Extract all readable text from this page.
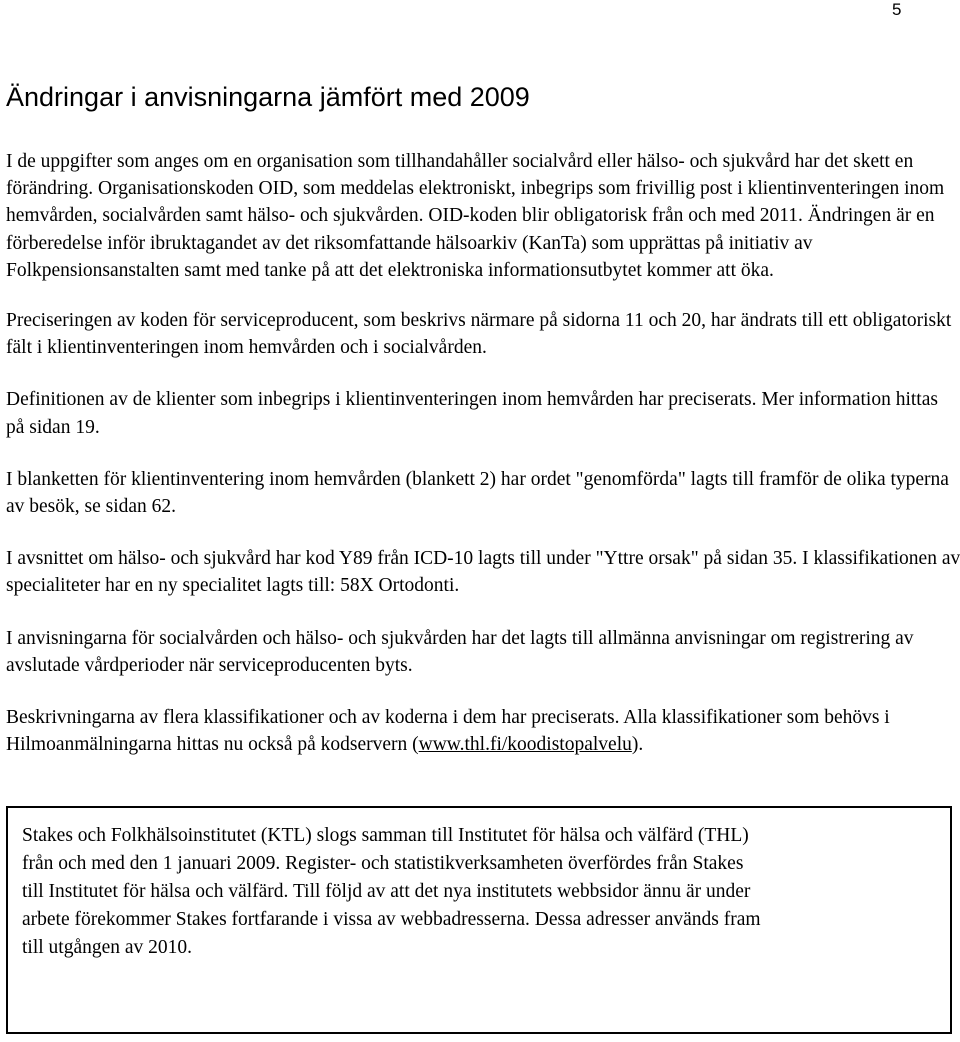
5
Ändringar i anvisningarna jämfört med 2009

I de uppgifter som anges om en organisation som tillhandahåller socialvård eller hälso- och sjukvård har det skett en förändring. Organisationskoden OID, som meddelas elektroniskt, inbegrips som frivillig post i klientinventeringen inom hemvården, socialvården samt hälso- och sjukvården. OID-koden blir obligatorisk från och med 2011. Ändringen är en förberedelse inför ibruktagandet av det riksomfattande hälsoarkiv (KanTa) som upprättas på initiativ av Folkpensionsanstalten samt med tanke på att det elektroniska informationsutbytet kommer att öka.

Preciseringen av koden för serviceproducent, som beskrivs närmare på sidorna 11 och 20, har ändrats till ett obligatoriskt fält i klientinventeringen inom hemvården och i socialvården.

Definitionen av de klienter som inbegrips i klientinventeringen inom hemvården har preciserats. Mer information hittas på sidan 19.

I blanketten för klientinventering inom hemvården (blankett 2) har ordet "genomförda" lagts till framför de olika typerna av besök, se sidan 62.

I avsnittet om hälso- och sjukvård har kod Y89 från ICD-10 lagts till under "Yttre orsak" på sidan 35. I klassifikationen av specialiteter har en ny specialitet lagts till: 58X Ortodonti.

I anvisningarna för socialvården och hälso- och sjukvården har det lagts till allmänna anvisningar om registrering av avslutade vårdperioder när serviceproducenten byts.

Beskrivningarna av flera klassifikationer och av koderna i dem har preciserats. Alla klassifikationer som behövs i Hilmoanmälningarna hittas nu också på kodservern (www.thl.fi/koodistopalvelu).

Stakes och Folkhälsoinstitutet (KTL) slogs samman till Institutet för hälsa och välfärd (THL) från och med den 1 januari 2009. Register- och statistikverksamheten överfördes från Stakes till Institutet för hälsa och välfärd. Till följd av att det nya institutets webbsidor ännu är under arbete förekommer Stakes fortfarande i vissa av webbadresserna. Dessa adresser används fram till utgången av 2010.
